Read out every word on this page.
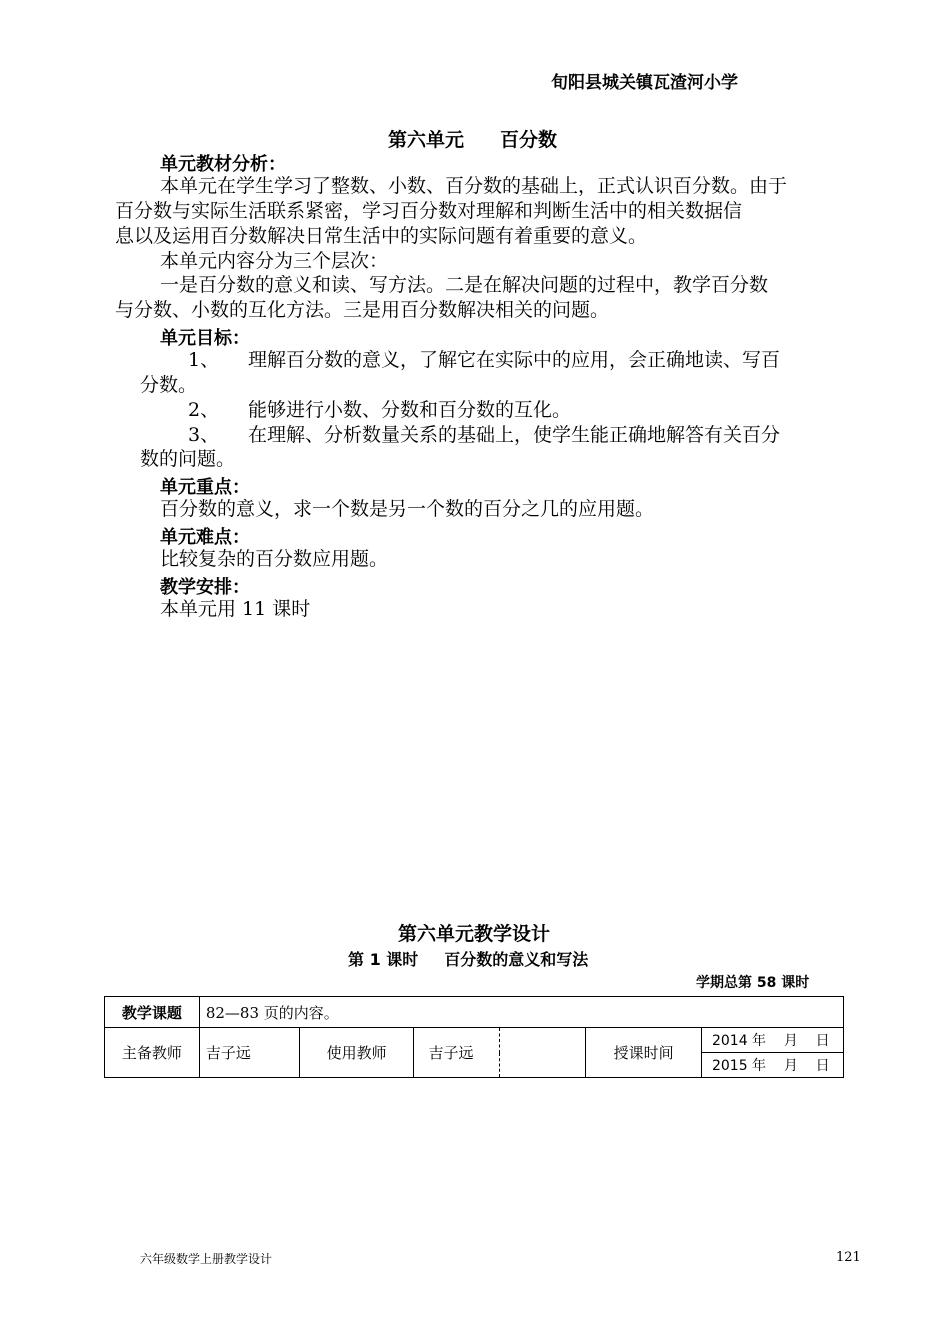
旬阳县城关镇瓦渣河小学
第六单元 百分数
单元教材分析：
本单元在学生学习了整数、小数、百分数的基础上，正式认识百分数。由于
百分数与实际生活联系紧密，学习百分数对理解和判断生活中的相关数据信
息以及运用百分数解决日常生活中的实际问题有着重要的意义。
本单元内容分为三个层次：
一是百分数的意义和读、写方法。二是在解决问题的过程中，教学百分数
与分数、小数的互化方法。三是用百分数解决相关的问题。
单元目标：
1、 理解百分数的意义，了解它在实际中的应用，会正确地读、写百
分数。
2、 能够进行小数、分数和百分数的互化。
3、 在理解、分析数量关系的基础上，使学生能正确地解答有关百分
数的问题。
单元重点：
百分数的意义，求一个数是另一个数的百分之几的应用题。
单元难点：
比较复杂的百分数应用题。
教学安排：
本单元用 11 课时
第六单元教学设计
第 1 课时 百分数的意义和写法
学期总第 58 课时
教学课题	82—83 页的内容。					
主备教师	吉子远	使用教师	吉子远		授课时间	2014 年    月    日
						2015 年    月    日
六年级数学上册教学设计	121
